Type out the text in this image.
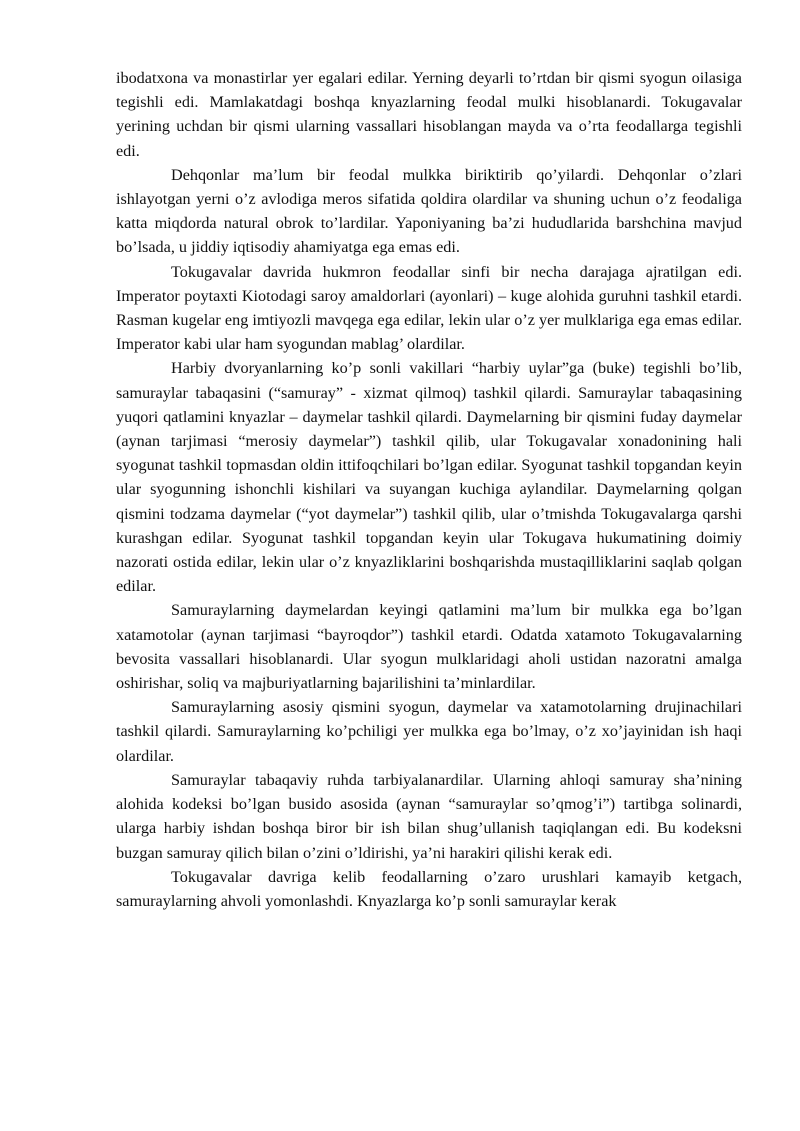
ibodatxona va monastirlar yer egalari edilar. Yerning deyarli to’rtdan bir qismi syogun oilasiga tegishli edi. Mamlakatdagi boshqa knyazlarning feodal mulki hisoblanardi. Tokugavalar yerining uchdan bir qismi ularning vassallari hisoblangan mayda va o’rta feodallarga tegishli edi.

Dehqonlar ma’lum bir feodal mulkka biriktirib qo’yilardi. Dehqonlar o’zlari ishlayotgan yerni o’z avlodiga meros sifatida qoldira olardilar va shuning uchun o’z feodaliga katta miqdorda natural obrok to’lardilar. Yaponiyaning ba’zi hududlarida barshchina mavjud bo’lsada, u jiddiy iqtisodiy ahamiyatga ega emas edi.

Tokugavalar davrida hukmron feodallar sinfi bir necha darajaga ajratilgan edi. Imperator poytaxti Kiotodagi saroy amaldorlari (ayonlari) – kuge alohida guruhni tashkil etardi. Rasman kugelar eng imtiyozli mavqega ega edilar, lekin ular o’z yer mulklariga ega emas edilar. Imperator kabi ular ham syogundan mablag’ olardilar.

Harbiy dvoryanlarning ko’p sonli vakillari “harbiy uylar”ga (buke) tegishli bo’lib, samuraylar tabaqasini (“samuray” - xizmat qilmoq) tashkil qilardi. Samuraylar tabaqasining yuqori qatlamini knyazlar – daymelar tashkil qilardi. Daymelarning bir qismini fuday daymelar (aynan tarjimasi “merosiy daymelar”) tashkil qilib, ular Tokugavalar xonadonining hali syogunat tashkil topmasdan oldin ittifoqchilari bo’lgan edilar. Syogunat tashkil topgandan keyin ular syogunning ishonchli kishilari va suyangan kuchiga aylandilar. Daymelarning qolgan qismini todzama daymelar (“yot daymelar”) tashkil qilib, ular o’tmishda Tokugavalarga qarshi kurashgan edilar. Syogunat tashkil topgandan keyin ular Tokugava hukumatining doimiy nazorati ostida edilar, lekin ular o’z knyazliklarini boshqarishda mustaqilliklarini saqlab qolgan edilar.

Samuraylarning daymelardan keyingi qatlamini ma’lum bir mulkka ega bo’lgan xatamotolar (aynan tarjimasi “bayroqdor”) tashkil etardi. Odatda xatamoto Tokugavalarning bevosita vassallari hisoblanardi. Ular syogun mulklaridagi aholi ustidan nazoratni amalga oshirishar, soliq va majburiyatlarning bajarilishini ta’minlardilar.

Samuraylarning asosiy qismini syogun, daymelar va xatamotolarning drujinachilari tashkil qilardi. Samuraylarning ko’pchiligi yer mulkka ega bo’lmay, o’z xo’jayinidan ish haqi olardilar.

Samuraylar tabaqaviy ruhda tarbiyalanardilar. Ularning ahloqi samuray sha’nining alohida kodeksi bo’lgan busido asosida (aynan “samuraylar so’qmog’i”) tartibga solinardi, ularga harbiy ishdan boshqa biror bir ish bilan shug’ullanish taqiqlangan edi. Bu kodeksni buzgan samuray qilich bilan o’zini o’ldirishi, ya’ni harakiri qilishi kerak edi.

Tokugavalar davriga kelib feodallarning o’zaro urushlari kamayib ketgach, samuraylarning ahvoli yomonlashdi. Knyazlarga ko’p sonli samuraylar kerak
